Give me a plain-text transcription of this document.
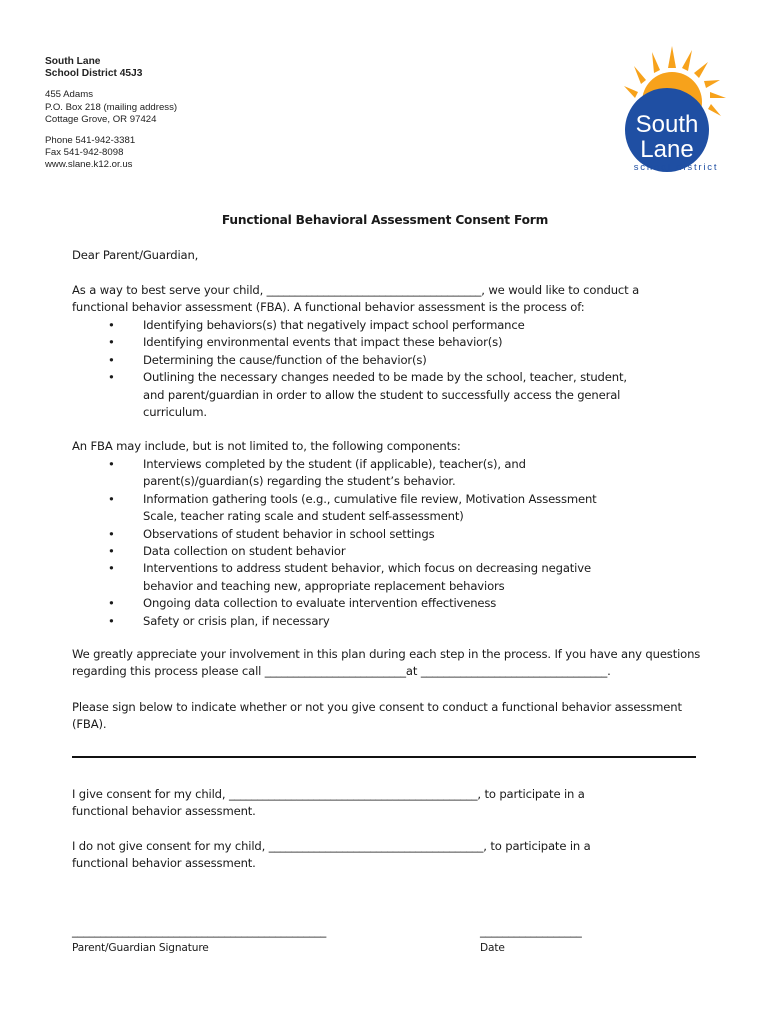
South Lane
School District 45J3
455 Adams
P.O. Box 218 (mailing address)
Cottage Grove, OR 97424
Phone 541-942-3381
Fax 541-942-8098
www.slane.k12.or.us
South
Lane
school district
Functional Behavioral Assessment Consent Form
Dear Parent/Guardian,
As a way to best serve your child, ______________________________________, we would like to conduct a
functional behavior assessment (FBA). A functional behavior assessment is the process of:
• Identifying behaviors(s) that negatively impact school performance
• Identifying environmental events that impact these behavior(s)
• Determining the cause/function of the behavior(s)
• Outlining the necessary changes needed to be made by the school, teacher, student,
and parent/guardian in order to allow the student to successfully access the general
curriculum.
An FBA may include, but is not limited to, the following components:
• Interviews completed by the student (if applicable), teacher(s), and
parent(s)/guardian(s) regarding the student’s behavior.
• Information gathering tools (e.g., cumulative file review, Motivation Assessment
Scale, teacher rating scale and student self-assessment)
• Observations of student behavior in school settings
• Data collection on student behavior
• Interventions to address student behavior, which focus on decreasing negative
behavior and teaching new, appropriate replacement behaviors
• Ongoing data collection to evaluate intervention effectiveness
• Safety or crisis plan, if necessary
We greatly appreciate your involvement in this plan during each step in the process. If you have any questions
regarding this process please call _________________________at _________________________________.
Please sign below to indicate whether or not you give consent to conduct a functional behavior assessment
(FBA).
I give consent for my child, ____________________________________________, to participate in a
functional behavior assessment.
I do not give consent for my child, ______________________________________, to participate in a
functional behavior assessment.
_____________________________________________
Parent/Guardian Signature
__________________
Date
